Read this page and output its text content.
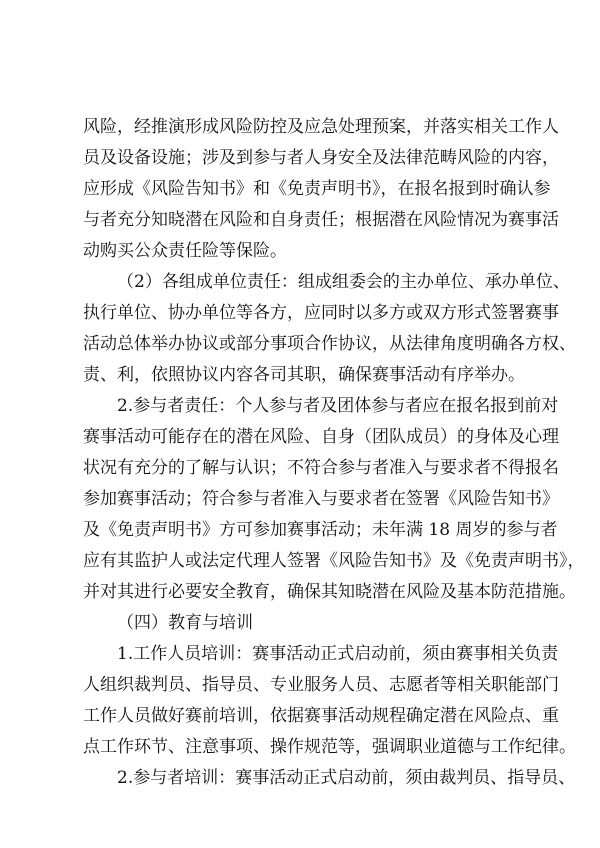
风险，经推演形成风险防控及应急处理预案，并落实相关工作人
员及设备设施；涉及到参与者人身安全及法律范畴风险的内容，
应形成《风险告知书》和《免责声明书》，在报名报到时确认参
与者充分知晓潜在风险和自身责任；根据潜在风险情况为赛事活
动购买公众责任险等保险。
（2）各组成单位责任：组成组委会的主办单位、承办单位、
执行单位、协办单位等各方，应同时以多方或双方形式签署赛事
活动总体举办协议或部分事项合作协议，从法律角度明确各方权、
责、利，依照协议内容各司其职，确保赛事活动有序举办。
2.参与者责任：个人参与者及团体参与者应在报名报到前对
赛事活动可能存在的潜在风险、自身（团队成员）的身体及心理
状况有充分的了解与认识；不符合参与者准入与要求者不得报名
参加赛事活动；符合参与者准入与要求者在签署《风险告知书》
及《免责声明书》方可参加赛事活动；未年满 18 周岁的参与者
应有其监护人或法定代理人签署《风险告知书》及《免责声明书》，
并对其进行必要安全教育，确保其知晓潜在风险及基本防范措施。
（四）教育与培训
1.工作人员培训：赛事活动正式启动前，须由赛事相关负责
人组织裁判员、指导员、专业服务人员、志愿者等相关职能部门
工作人员做好赛前培训，依据赛事活动规程确定潜在风险点、重
点工作环节、注意事项、操作规范等，强调职业道德与工作纪律。
2.参与者培训：赛事活动正式启动前，须由裁判员、指导员、
